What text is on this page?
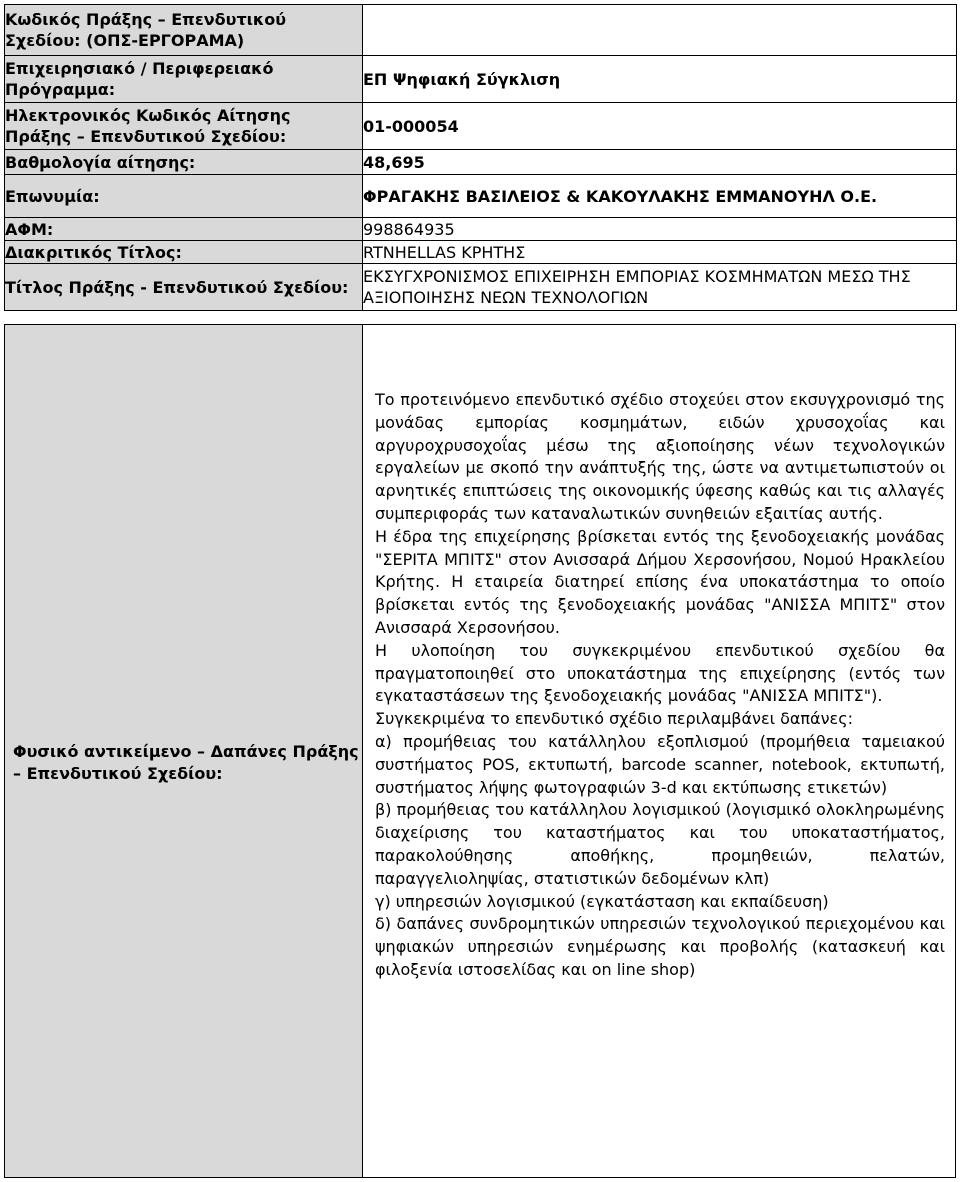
Κωδικός Πράξης – Επενδυτικού Σχεδίου: (ΟΠΣ-ΕΡΓΟΡΑΜΑ)	
Επιχειρησιακό / Περιφερειακό Πρόγραμμα:	ΕΠ Ψηφιακή Σύγκλιση
Ηλεκτρονικός Κωδικός Αίτησης Πράξης – Επενδυτικού Σχεδίου:	01-000054
Βαθμολογία αίτησης:	48,695
Επωνυμία:	ΦΡΑΓΑΚΗΣ ΒΑΣΙΛΕΙΟΣ & ΚΑΚΟΥΛΑΚΗΣ ΕΜΜΑΝΟΥΗΛ Ο.Ε.
ΑΦΜ:	998864935
Διακριτικός Τίτλος:	RTNHELLAS ΚΡΗΤΗΣ
Τίτλος Πράξης - Επενδυτικού Σχεδίου:	ΕΚΣΥΓΧΡΟΝΙΣΜΟΣ ΕΠΙΧΕΙΡΗΣΗ ΕΜΠΟΡΙΑΣ ΚΟΣΜΗΜΑΤΩΝ ΜΕΣΩ ΤΗΣ ΑΞΙΟΠΟΙΗΣΗΣ ΝΕΩΝ ΤΕΧΝΟΛΟΓΙΩΝ
Φυσικό αντικείμενο – Δαπάνες Πράξης – Επενδυτικού Σχεδίου:

Το προτεινόμενο επενδυτικό σχέδιο στοχεύει στον εκσυγχρονισμό της μονάδας εμπορίας κοσμημάτων, ειδών χρυσοχοΐας και αργυροχρυσοχοΐας μέσω της αξιοποίησης νέων τεχνολογικών εργαλείων με σκοπό την ανάπτυξής της, ώστε να αντιμετωπιστούν οι αρνητικές επιπτώσεις της οικονομικής ύφεσης καθώς και τις αλλαγές συμπεριφοράς των καταναλωτικών συνηθειών εξαιτίας αυτής.

Η έδρα της επιχείρησης βρίσκεται εντός της ξενοδοχειακής μονάδας "ΣΕΡΙΤΑ ΜΠΙΤΣ" στον Ανισσαρά Δήμου Χερσονήσου, Νομού Ηρακλείου Κρήτης. Η εταιρεία διατηρεί επίσης ένα υποκατάστημα το οποίο βρίσκεται εντός της ξενοδοχειακής μονάδας "ΑΝΙΣΣΑ ΜΠΙΤΣ" στον Ανισσαρά Χερσονήσου.

Η υλοποίηση του συγκεκριμένου επενδυτικού σχεδίου θα πραγματοποιηθεί στο υποκατάστημα της επιχείρησης (εντός των εγκαταστάσεων της ξενοδοχειακής μονάδας "ΑΝΙΣΣΑ ΜΠΙΤΣ").

Συγκεκριμένα το επενδυτικό σχέδιο περιλαμβάνει δαπάνες:

α) προμήθειας του κατάλληλου εξοπλισμού (προμήθεια ταμειακού συστήματος POS, εκτυπωτή, barcode scanner, notebook, εκτυπωτή, συστήματος λήψης φωτογραφιών 3-d και εκτύπωσης ετικετών)

β) προμήθειας του κατάλληλου λογισμικού (λογισμικό ολοκληρωμένης διαχείρισης του καταστήματος και του υποκαταστήματος, παρακολούθησης αποθήκης, προμηθειών, πελατών, παραγγελιοληψίας, στατιστικών δεδομένων κλπ)

γ) υπηρεσιών λογισμικού (εγκατάσταση και εκπαίδευση)

δ) δαπάνες συνδρομητικών υπηρεσιών τεχνολογικού περιεχομένου και ψηφιακών υπηρεσιών ενημέρωσης και προβολής (κατασκευή και φιλοξενία ιστοσελίδας και on line shop)
